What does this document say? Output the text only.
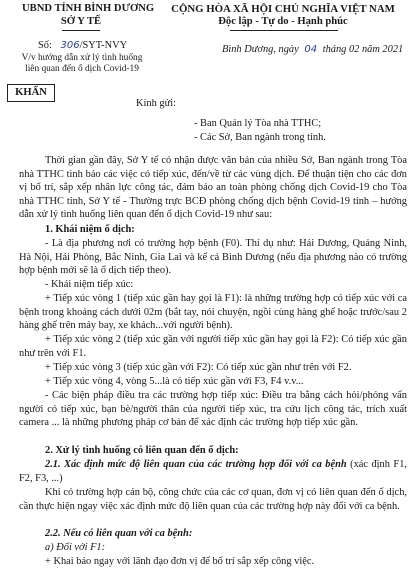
UBND TỈNH BÌNH DƯƠNG
SỞ Y TẾ
CỘNG HÒA XÃ HỘI CHỦ NGHĨA VIỆT NAM
Độc lập - Tự do - Hạnh phúc
Số: 306/SYT-NVY
V/v hướng dẫn xử lý tình huống
liên quan đến ổ dịch Covid-19
Bình Dương, ngày 04 tháng 02 năm 2021
KHẨN
Kính gửi:
- Ban Quản lý Tòa nhà TTHC;
- Các Sở, Ban ngành trong tỉnh.
Thời gian gần đây, Sở Y tế có nhận được văn bản của nhiều Sở, Ban ngành trong Tòa nhà TTHC tình báo các việc có tiếp xúc, đến/về từ các vùng dịch. Để thuận tiện cho các đơn vị bố trí, sắp xếp nhân lực công tác, đảm bảo an toàn phòng chống dịch Covid-19 cho Tòa nhà TTHC tỉnh, Sở Y tế - Thường trực BCĐ phòng chống dịch bệnh Covid-19 tỉnh – hướng dẫn xử lý tình huống liên quan đến ổ dịch Covid-19 như sau:
1. Khái niệm ổ dịch:
- Là địa phương nơi có trường hợp bệnh (F0). Thí dụ như: Hải Dương, Quảng Ninh, Hà Nội, Hải Phòng, Bắc Ninh, Gia Lai và kể cả Bình Dương (nếu địa phương nào có trường hợp bệnh mới sẽ là ổ dịch tiếp theo).
- Khái niệm tiếp xúc:
+ Tiếp xúc vòng 1 (tiếp xúc gần hay gọi là F1): là những trường hợp có tiếp xúc với ca bệnh trong khoảng cách dưới 02m (bắt tay, nói chuyện, ngồi cùng hàng ghế hoặc trước/sau 2 hàng ghế trên máy bay, xe khách...với người bệnh).
+ Tiếp xúc vòng 2 (tiếp xúc gần với người tiếp xúc gần hay gọi là F2): Có tiếp xúc gần như trên với F1.
+ Tiếp xúc vòng 3 (tiếp xúc gần với F2): Có tiếp xúc gần như trên với F2.
+ Tiếp xúc vòng 4, vòng 5...là có tiếp xúc gần với F3, F4 v.v...
- Các biện pháp điều tra các trường hợp tiếp xúc: Điều tra bằng cách hỏi/phỏng vấn người có tiếp xúc, bạn bè/người thân của người tiếp xúc, tra cứu lịch công tác, trích xuất camera ... là những phương pháp cơ bản để xác định các trường hợp tiếp xúc gần.
2. Xử lý tình huống có liên quan đến ổ dịch:
2.1. Xác định mức độ liên quan của các trường hợp đối với ca bệnh (xác định F1, F2, F3, ...)
Khi có trường hợp cán bộ, công chức của các cơ quan, đơn vị có liên quan đến ổ dịch, cần thực hiện ngay việc xác định mức độ liên quan của các trường hợp này đối với ca bệnh.
2.2. Nếu có liên quan với ca bệnh:
a) Đối với F1:
+ Khai báo ngay với lãnh đạo đơn vị để bố trí sắp xếp công việc.
